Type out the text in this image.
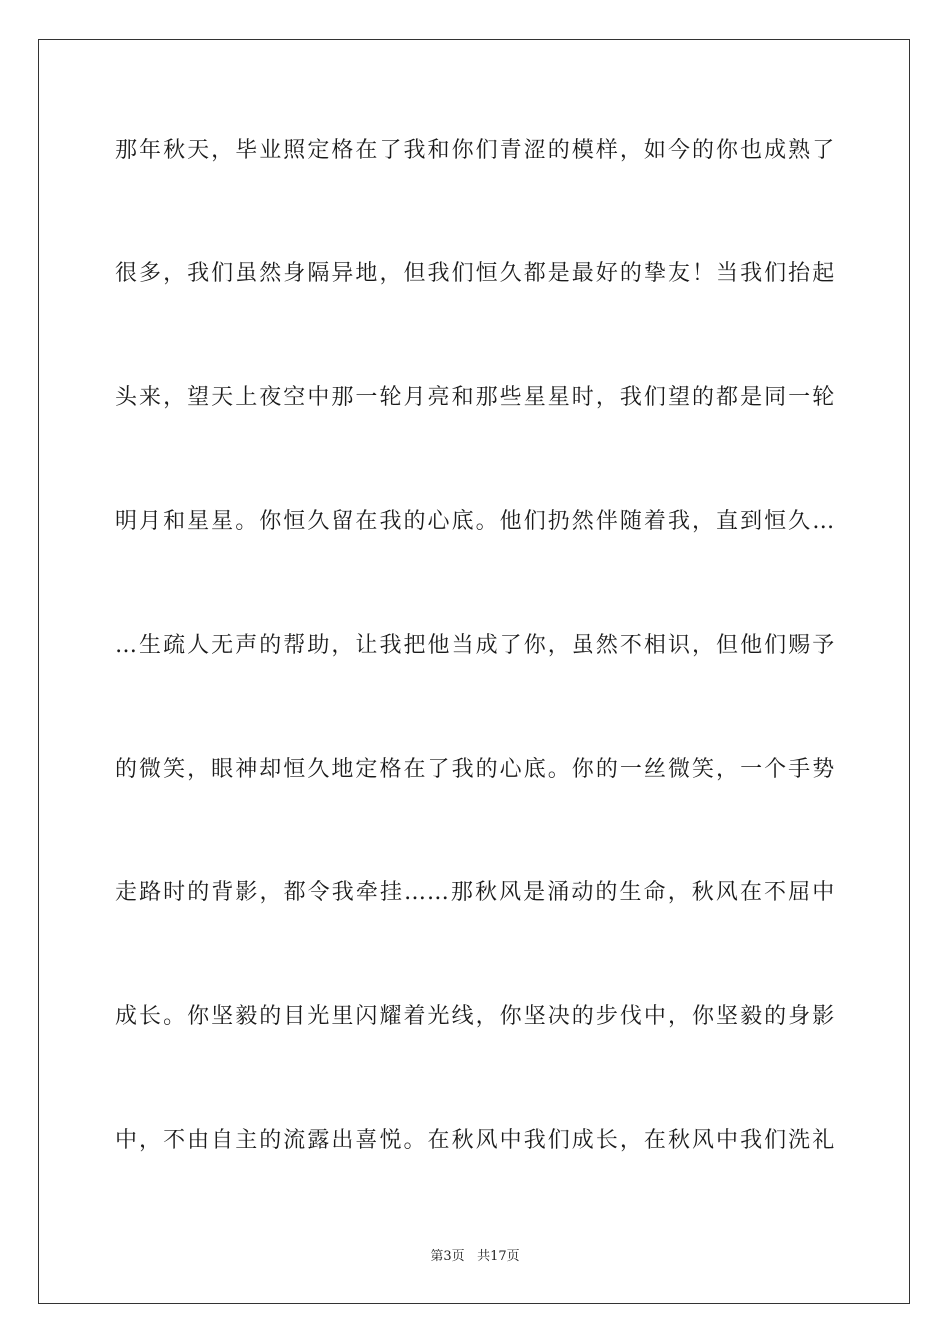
那年秋天，毕业照定格在了我和你们青涩的模样，如今的你也成熟了
很多，我们虽然身隔异地，但我们恒久都是最好的挚友！当我们抬起
头来，望天上夜空中那一轮月亮和那些星星时，我们望的都是同一轮
明月和星星。你恒久留在我的心底。他们扔然伴随着我，直到恒久…
…生疏人无声的帮助，让我把他当成了你，虽然不相识，但他们赐予
的微笑，眼神却恒久地定格在了我的心底。你的一丝微笑，一个手势
走路时的背影，都令我牵挂……那秋风是涌动的生命，秋风在不屈中
成长。你坚毅的目光里闪耀着光线，你坚决的步伐中，你坚毅的身影
中，不由自主的流露出喜悦。在秋风中我们成长，在秋风中我们洗礼
第3页 共17页
